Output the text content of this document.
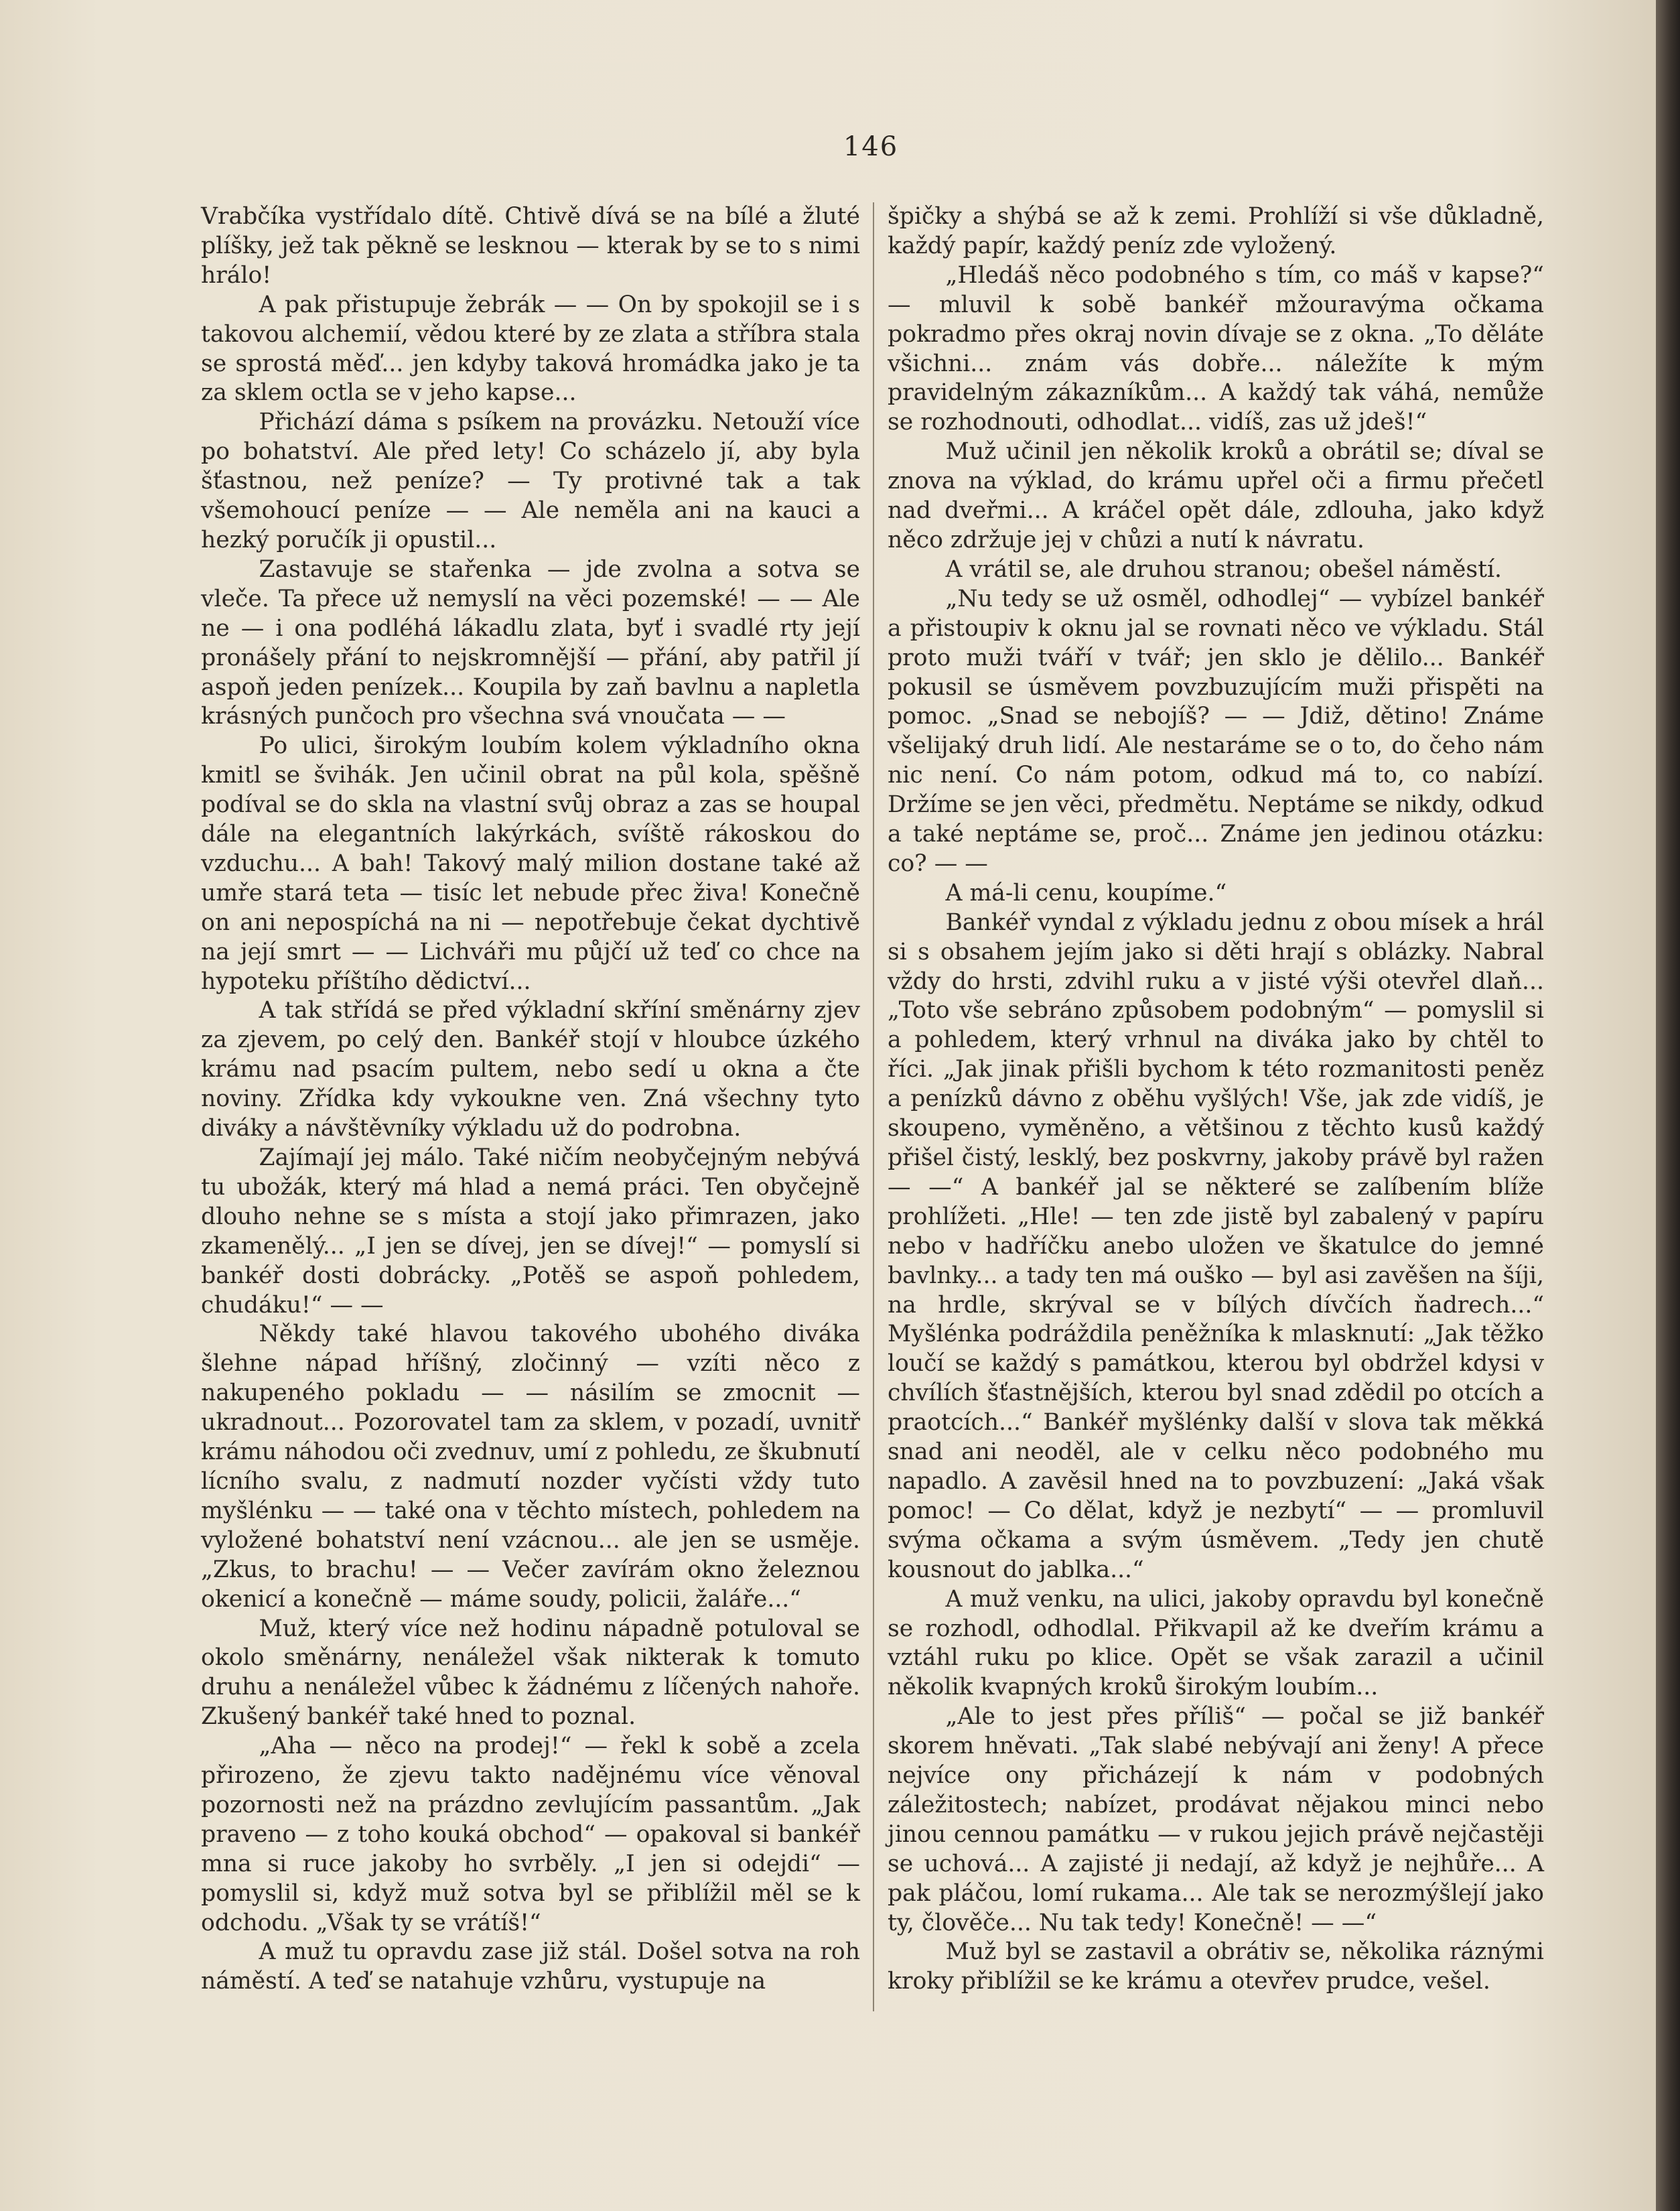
146

Vrabčíka vystřídalo dítě. Chtivě dívá se na bílé a žluté plíšky, jež tak pěkně se lesknou — kterak by se to s nimi hrálo!

A pak přistupuje žebrák — — On by spokojil se i s takovou alchemií, vědou které by ze zlata a stříbra stala se sprostá měď... jen kdyby taková hromádka jako je ta za sklem octla se v jeho kapse...

Přichází dáma s psíkem na provázku. Netouží více po bohatství. Ale před lety! Co scházelo jí, aby byla šťastnou, než peníze? — Ty protivné tak a tak všemohoucí peníze — — Ale neměla ani na kauci a hezký poručík ji opustil...

Zastavuje se stařenka — jde zvolna a sotva se vleče. Ta přece už nemyslí na věci pozemské! — — Ale ne — i ona podléhá lákadlu zlata, byť i svadlé rty její pronášely přání to nejskromnější — přání, aby patřil jí aspoň jeden penízek... Koupila by zaň bavlnu a napletla krásných punčoch pro všechna svá vnoučata — —

Po ulici, širokým loubím kolem výkladního okna kmitl se švihák. Jen učinil obrat na půl kola, spěšně podíval se do skla na vlastní svůj obraz a zas se houpal dále na elegantních lakýrkách, svíště rákoskou do vzduchu... A bah! Takový malý milion dostane také až umře stará teta — tisíc let nebude přec živa! Konečně on ani nepospíchá na ni — nepotřebuje čekat dychtivě na její smrt — — Lichváři mu půjčí už teď co chce na hypoteku příštího dědictví...

A tak střídá se před výkladní skříní směnárny zjev za zjevem, po celý den. Bankéř stojí v hloubce úzkého krámu nad psacím pultem, nebo sedí u okna a čte noviny. Zřídka kdy vykoukne ven. Zná všechny tyto diváky a návštěvníky výkladu už do podrobna.

Zajímají jej málo. Také ničím neobyčejným nebývá tu ubožák, který má hlad a nemá práci. Ten obyčejně dlouho nehne se s místa a stojí jako přimrazen, jako zkamenělý... „I jen se dívej, jen se dívej!“ — pomyslí si bankéř dosti dobrácky. „Potěš se aspoň pohledem, chudáku!“ — —

Někdy také hlavou takového ubohého diváka šlehne nápad hříšný, zločinný — vzíti něco z nakupeného pokladu — — násilím se zmocnit — ukradnout... Pozorovatel tam za sklem, v pozadí, uvnitř krámu náhodou oči zvednuv, umí z pohledu, ze škubnutí lícního svalu, z nadmutí nozder vyčísti vždy tuto myšlénku — — také ona v těchto místech, pohledem na vyložené bohatství není vzácnou... ale jen se usměje. „Zkus, to brachu! — — Večer zavírám okno železnou okenicí a konečně — máme soudy, policii, žaláře...“

Muž, který více než hodinu nápadně potuloval se okolo směnárny, nenáležel však nikterak k tomuto druhu a nenáležel vůbec k žádnému z líčených nahoře. Zkušený bankéř také hned to poznal.

„Aha — něco na prodej!“ — řekl k sobě a zcela přirozeno, že zjevu takto nadějnému více věnoval pozornosti než na prázdno zevlujícím passantům. „Jak praveno — z toho kouká obchod“ — opakoval si bankéř mna si ruce jakoby ho svrběly. „I jen si odejdi“ — pomyslil si, když muž sotva byl se přiblížil měl se k odchodu. „Však ty se vrátíš!“

A muž tu opravdu zase již stál. Došel sotva na roh náměstí. A teď se natahuje vzhůru, vystupuje na

špičky a shýbá se až k zemi. Prohlíží si vše důkladně, každý papír, každý peníz zde vyložený.

„Hledáš něco podobného s tím, co máš v kapse?“ — mluvil k sobě bankéř mžouravýma očkama pokradmo přes okraj novin dívaje se z okna. „To děláte všichni... znám vás dobře... náležíte k mým pravidelným zákazníkům... A každý tak váhá, nemůže se rozhodnouti, odhodlat... vidíš, zas už jdeš!“

Muž učinil jen několik kroků a obrátil se; díval se znova na výklad, do krámu upřel oči a firmu přečetl nad dveřmi... A kráčel opět dále, zdlouha, jako když něco zdržuje jej v chůzi a nutí k návratu.

A vrátil se, ale druhou stranou; obešel náměstí.

„Nu tedy se už osměl, odhodlej“ — vybízel bankéř a přistoupiv k oknu jal se rovnati něco ve výkladu. Stál proto muži tváří v tvář; jen sklo je dělilo... Bankéř pokusil se úsměvem povzbuzujícím muži přispěti na pomoc. „Snad se nebojíš? — — Jdiž, dětino! Známe všelijaký druh lidí. Ale nestaráme se o to, do čeho nám nic není. Co nám potom, odkud má to, co nabízí. Držíme se jen věci, předmětu. Neptáme se nikdy, odkud a také neptáme se, proč... Známe jen jedinou otázku: co? — —

A má-li cenu, koupíme.“

Bankéř vyndal z výkladu jednu z obou mísek a hrál si s obsahem jejím jako si děti hrají s oblázky. Nabral vždy do hrsti, zdvihl ruku a v jisté výši otevřel dlaň... „Toto vše sebráno způsobem podobným“ — pomyslil si a pohledem, který vrhnul na diváka jako by chtěl to říci. „Jak jinak přišli bychom k této rozmanitosti peněz a penízků dávno z oběhu vyšlých! Vše, jak zde vidíš, je skoupeno, vyměněno, a většinou z těchto kusů každý přišel čistý, lesklý, bez poskvrny, jakoby právě byl ražen — —“ A bankéř jal se některé se zalíbením blíže prohlížeti. „Hle! — ten zde jistě byl zabalený v papíru nebo v hadříčku anebo uložen ve škatulce do jemné bavlnky... a tady ten má ouško — byl asi zavěšen na šíji, na hrdle, skrýval se v bílých dívčích ňadrech...“ Myšlénka podráždila peněžníka k mlasknutí: „Jak těžko loučí se každý s památkou, kterou byl obdržel kdysi v chvílích šťastnějších, kterou byl snad zdědil po otcích a praotcích...“ Bankéř myšlénky další v slova tak měkká snad ani neoděl, ale v celku něco podobného mu napadlo. A zavěsil hned na to povzbuzení: „Jaká však pomoc! — Co dělat, když je nezbytí“ — — promluvil svýma očkama a svým úsměvem. „Tedy jen chutě kousnout do jablka...“

A muž venku, na ulici, jakoby opravdu byl konečně se rozhodl, odhodlal. Přikvapil až ke dveřím krámu a vztáhl ruku po klice. Opět se však zarazil a učinil několik kvapných kroků širokým loubím...

„Ale to jest přes příliš“ — počal se již bankéř skorem hněvati. „Tak slabé nebývají ani ženy! A přece nejvíce ony přicházejí k nám v podobných záležitostech; nabízet, prodávat nějakou minci nebo jinou cennou památku — v rukou jejich právě nejčastěji se uchová... A zajisté ji nedají, až když je nejhůře... A pak pláčou, lomí rukama... Ale tak se nerozmýšlejí jako ty, člověče... Nu tak tedy! Konečně! — —“

Muž byl se zastavil a obrátiv se, několika ráznými kroky přiblížil se ke krámu a otevřev prudce, vešel.
